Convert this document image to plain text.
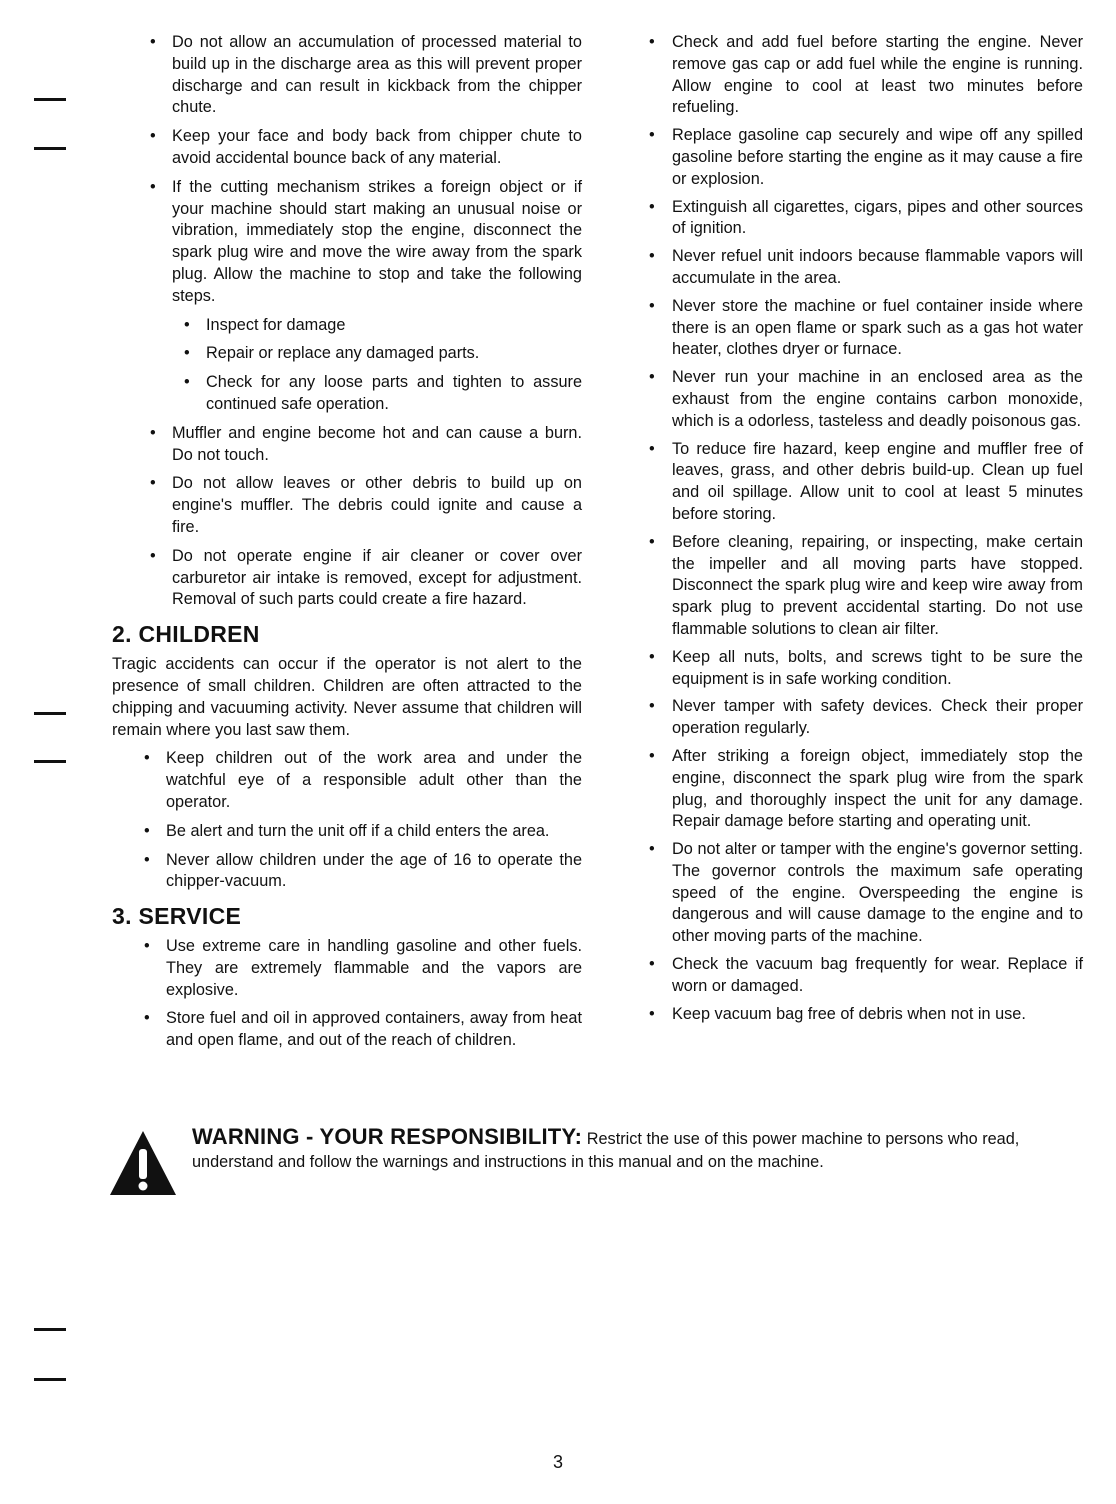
• Do not allow an accumulation of processed material to build up in the discharge area as this will prevent proper discharge and can result in kickback from the chipper chute.
• Keep your face and body back from chipper chute to avoid accidental bounce back of any material.
• If the cutting mechanism strikes a foreign object or if your machine should start making an unusual noise or vibration, immediately stop the engine, disconnect the spark plug wire and move the wire away from the spark plug. Allow the machine to stop and take the following steps.
• Inspect for damage
• Repair or replace any damaged parts.
• Check for any loose parts and tighten to assure continued safe operation.
• Muffler and engine become hot and can cause a burn. Do not touch.
• Do not allow leaves or other debris to build up on engine's muffler. The debris could ignite and cause a fire.
• Do not operate engine if air cleaner or cover over carburetor air intake is removed, except for adjustment. Removal of such parts could create a fire hazard.
2. CHILDREN

Tragic accidents can occur if the operator is not alert to the presence of small children. Children are often attracted to the chipping and vacuuming activity. Never assume that children will remain where you last saw them.

• Keep children out of the work area and under the watchful eye of a responsible adult other than the operator.
• Be alert and turn the unit off if a child enters the area.
• Never allow children under the age of 16 to operate the chipper-vacuum.
3. SERVICE
• Use extreme care in handling gasoline and other fuels. They are extremely flammable and the vapors are explosive.
• Store fuel and oil in approved containers, away from heat and open flame, and out of the reach of children.
• Check and add fuel before starting the engine. Never remove gas cap or add fuel while the engine is running. Allow engine to cool at least two minutes before refueling.
• Replace gasoline cap securely and wipe off any spilled gasoline before starting the engine as it may cause a fire or explosion.
• Extinguish all cigarettes, cigars, pipes and other sources of ignition.
• Never refuel unit indoors because flammable vapors will accumulate in the area.
• Never store the machine or fuel container inside where there is an open flame or spark such as a gas hot water heater, clothes dryer or furnace.
• Never run your machine in an enclosed area as the exhaust from the engine contains carbon monoxide, which is a odorless, tasteless and deadly poisonous gas.
• To reduce fire hazard, keep engine and muffler free of leaves, grass, and other debris build-up. Clean up fuel and oil spillage. Allow unit to cool at least 5 minutes before storing.
• Before cleaning, repairing, or inspecting, make certain the impeller and all moving parts have stopped. Disconnect the spark plug wire and keep wire away from spark plug to prevent accidental starting. Do not use flammable solutions to clean air filter.
• Keep all nuts, bolts, and screws tight to be sure the equipment is in safe working condition.
• Never tamper with safety devices. Check their proper operation regularly.
• After striking a foreign object, immediately stop the engine, disconnect the spark plug wire from the spark plug, and thoroughly inspect the unit for any damage. Repair damage before starting and operating unit.
• Do not alter or tamper with the engine's governor setting. The governor controls the maximum safe operating speed of the engine. Overspeeding the engine is dangerous and will cause damage to the engine and to other moving parts of the machine.
• Check the vacuum bag frequently for wear. Replace if worn or damaged.
• Keep vacuum bag free of debris when not in use.
WARNING - YOUR RESPONSIBILITY: Restrict the use of this power machine to persons who read, understand and follow the warnings and instructions in this manual and on the machine.
3
